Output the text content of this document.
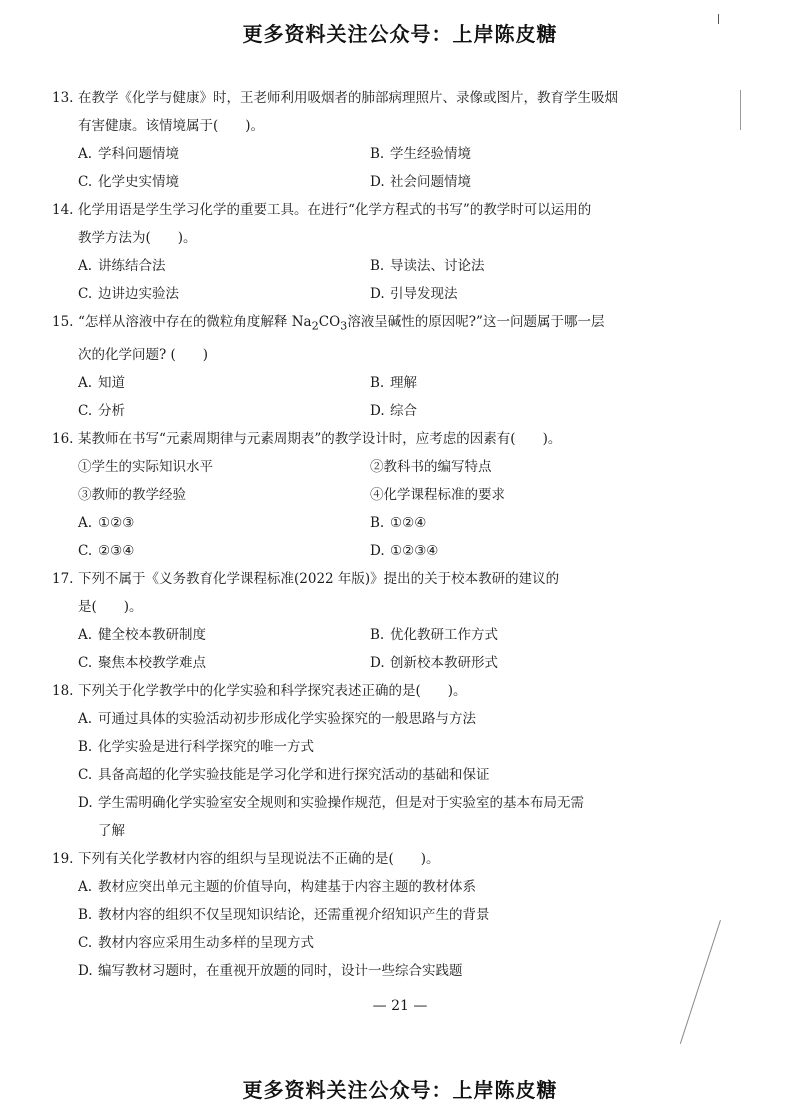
更多资料关注公众号：上岸陈皮糖
13. 在教学《化学与健康》时，王老师利用吸烟者的肺部病理照片、录像或图片，教育学生吸烟
有害健康。该情境属于(　　)。
A. 学科问题情境	B. 学生经验情境
C. 化学史实情境	D. 社会问题情境
14. 化学用语是学生学习化学的重要工具。在进行“化学方程式的书写”的教学时可以运用的
教学方法为(　　)。
A. 讲练结合法	B. 导读法、讨论法
C. 边讲边实验法	D. 引导发现法
15. “怎样从溶液中存在的微粒角度解释 $Na_2CO_3$溶液呈碱性的原因呢?”这一问题属于哪一层
次的化学问题? (　　)
A. 知道	B. 理解
C. 分析	D. 综合
16. 某教师在书写“元素周期律与元素周期表”的教学设计时，应考虑的因素有(　　)。
①学生的实际知识水平	②教科书的编写特点
③教师的教学经验	④化学课程标准的要求
A. ①②③	B. ①②④
C. ②③④	D. ①②③④
17. 下列不属于《义务教育化学课程标准(2022 年版)》提出的关于校本教研的建议的
是(　　)。
A. 健全校本教研制度	B. 优化教研工作方式
C. 聚焦本校教学难点	D. 创新校本教研形式
18. 下列关于化学教学中的化学实验和科学探究表述正确的是(　　)。
A. 可通过具体的实验活动初步形成化学实验探究的一般思路与方法
B. 化学实验是进行科学探究的唯一方式
C. 具备高超的化学实验技能是学习化学和进行探究活动的基础和保证
D. 学生需明确化学实验室安全规则和实验操作规范，但是对于实验室的基本布局无需
了解
19. 下列有关化学教材内容的组织与呈现说法不正确的是(　　)。
A. 教材应突出单元主题的价值导向，构建基于内容主题的教材体系
B. 教材内容的组织不仅呈现知识结论，还需重视介绍知识产生的背景
C. 教材内容应采用生动多样的呈现方式
D. 编写教材习题时，在重视开放题的同时，设计一些综合实践题
— 21 —
更多资料关注公众号：上岸陈皮糖
